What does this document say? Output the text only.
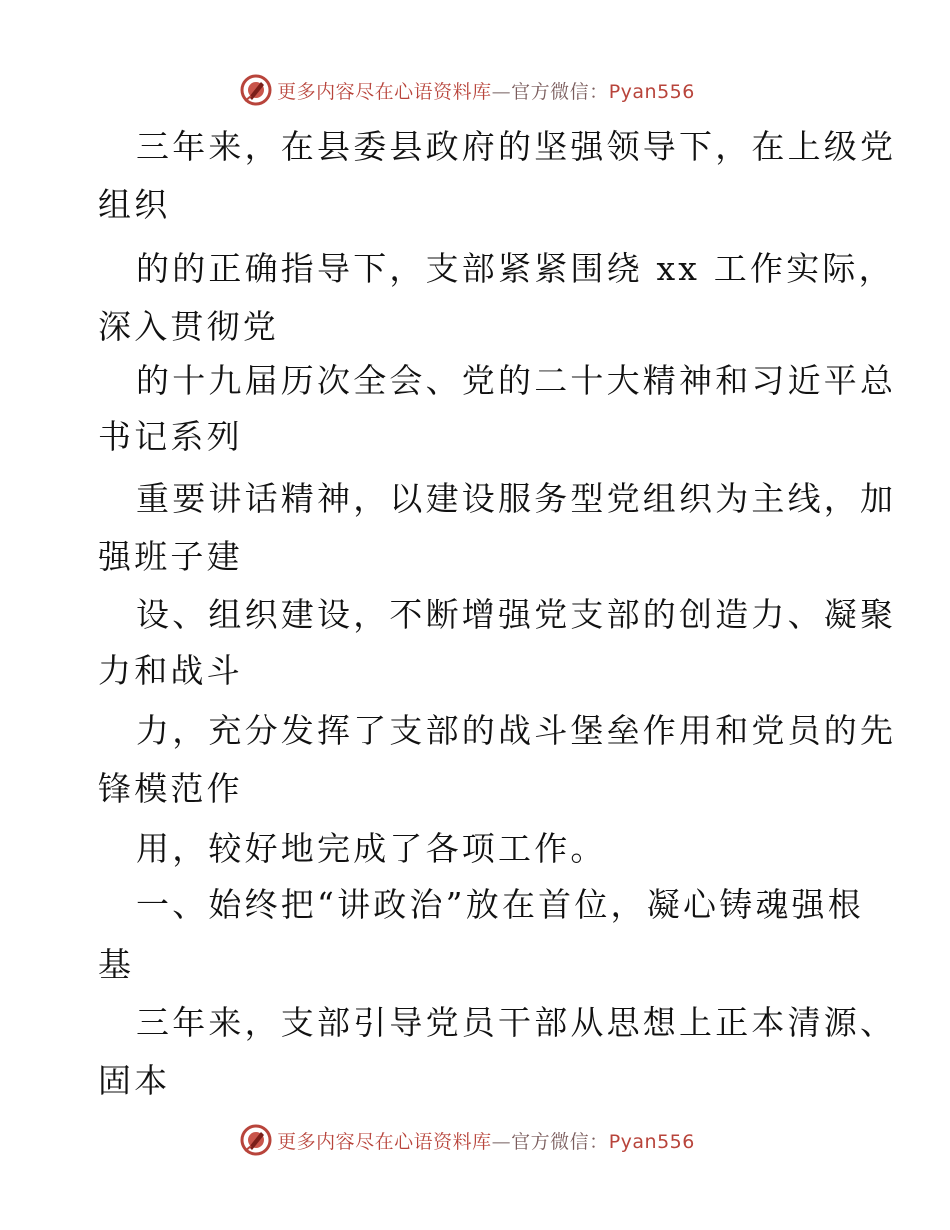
更多内容尽在心语资料库—官方微信：Pyan556
三年来，在县委县政府的坚强领导下，在上级党
组织
的的正确指导下，支部紧紧围绕 xx 工作实际，
深入贯彻党
的十九届历次全会、党的二十大精神和习近平总
书记系列
重要讲话精神，以建设服务型党组织为主线，加
强班子建
设、组织建设，不断增强党支部的创造力、凝聚
力和战斗
力，充分发挥了支部的战斗堡垒作用和党员的先
锋模范作
用，较好地完成了各项工作。
一、始终把“讲政治”放在首位，凝心铸魂强根
基
三年来，支部引导党员干部从思想上正本清源、
固本
更多内容尽在心语资料库—官方微信：Pyan556
